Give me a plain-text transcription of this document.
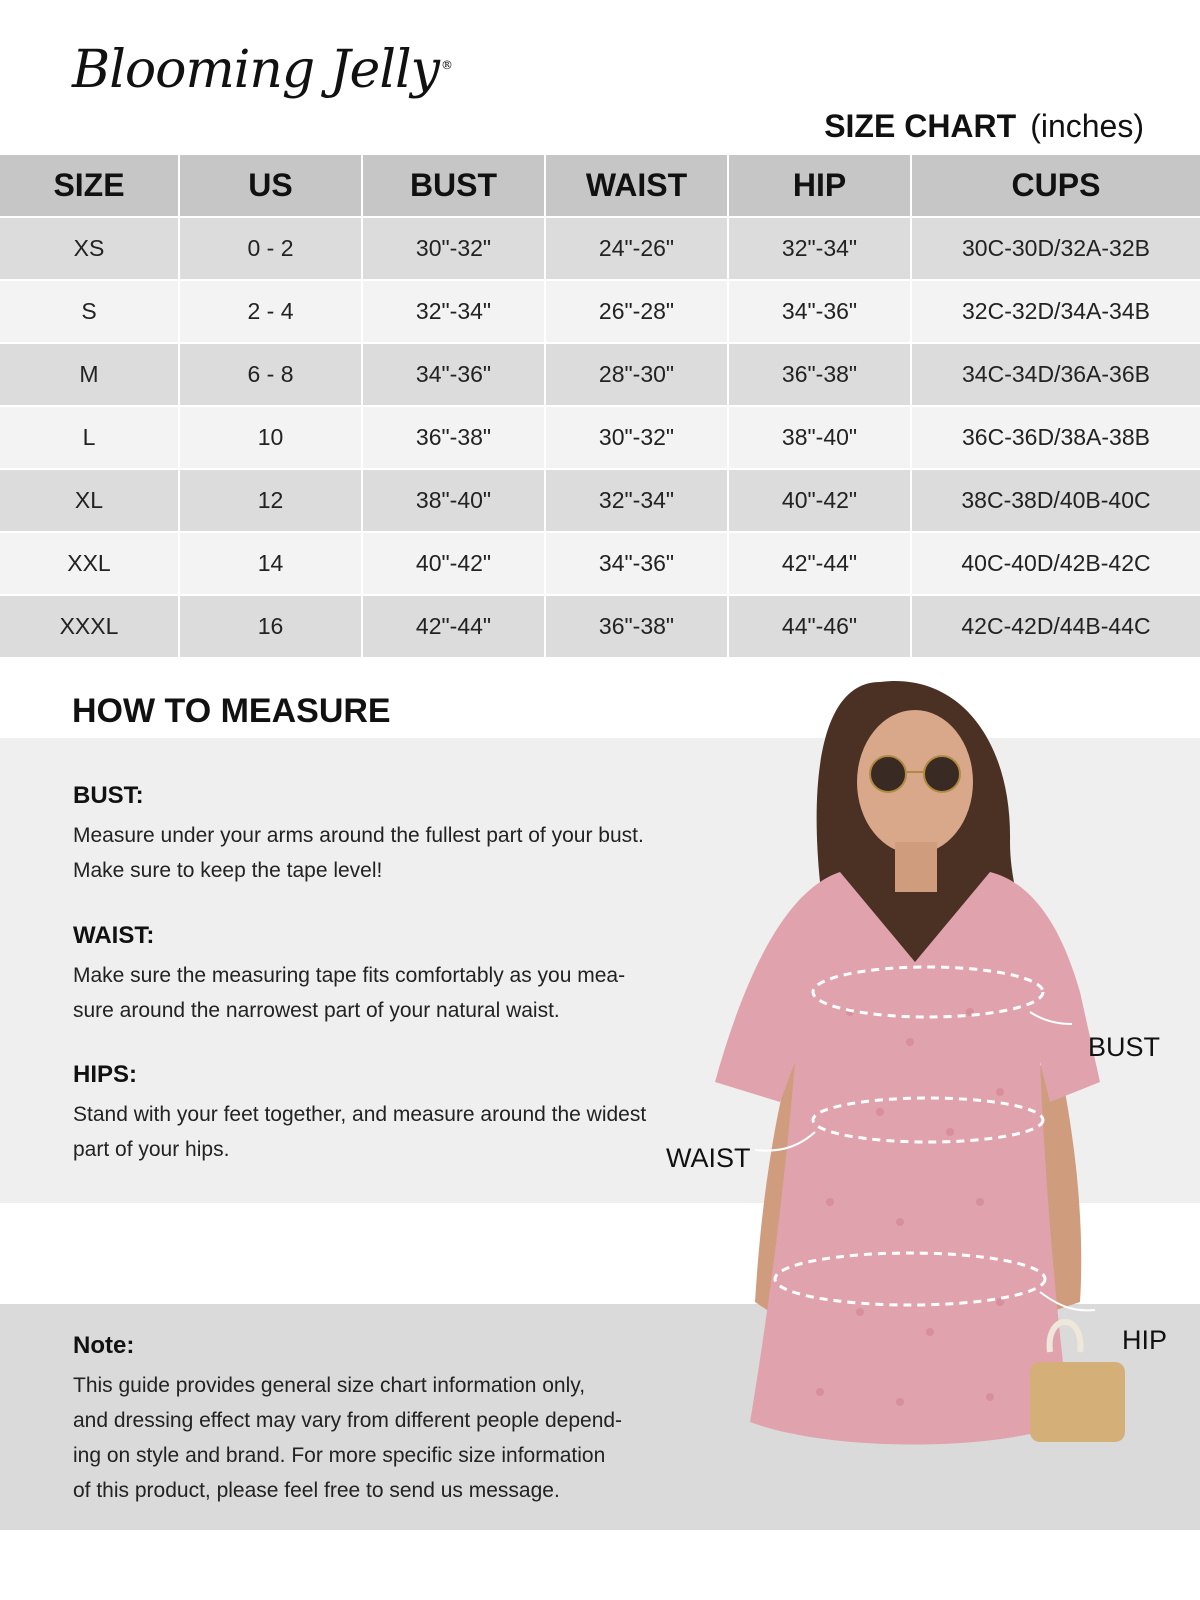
Blooming Jelly ®
SIZE CHART (inches)
SIZE	US	BUST	WAIST	HIP	CUPS
XS	0 - 2	30"-32"	24"-26"	32"-34"	30C-30D/32A-32B
S	2 - 4	32"-34"	26"-28"	34"-36"	32C-32D/34A-34B
M	6 - 8	34"-36"	28"-30"	36"-38"	34C-34D/36A-36B
L	10	36"-38"	30"-32"	38"-40"	36C-36D/38A-38B
XL	12	38"-40"	32"-34"	40"-42"	38C-38D/40B-40C
XXL	14	40"-42"	34"-36"	42"-44"	40C-40D/42B-42C
XXXL	16	42"-44"	36"-38"	44"-46"	42C-42D/44B-44C
HOW TO MEASURE
BUST:

Measure under your arms around the fullest part of your bust.
Make sure to keep the tape level!

WAIST:

Make sure the measuring tape fits comfortably as you mea-
sure around the narrowest part of your natural waist.

HIPS:

Stand with your feet together, and measure around the widest
part of your hips.

Note:

This guide provides general size chart information only,
and dressing effect may vary from different people depend-
ing on style and brand. For more specific size information
of this product, please feel free to send us message.

BUST
WAIST
HIP
